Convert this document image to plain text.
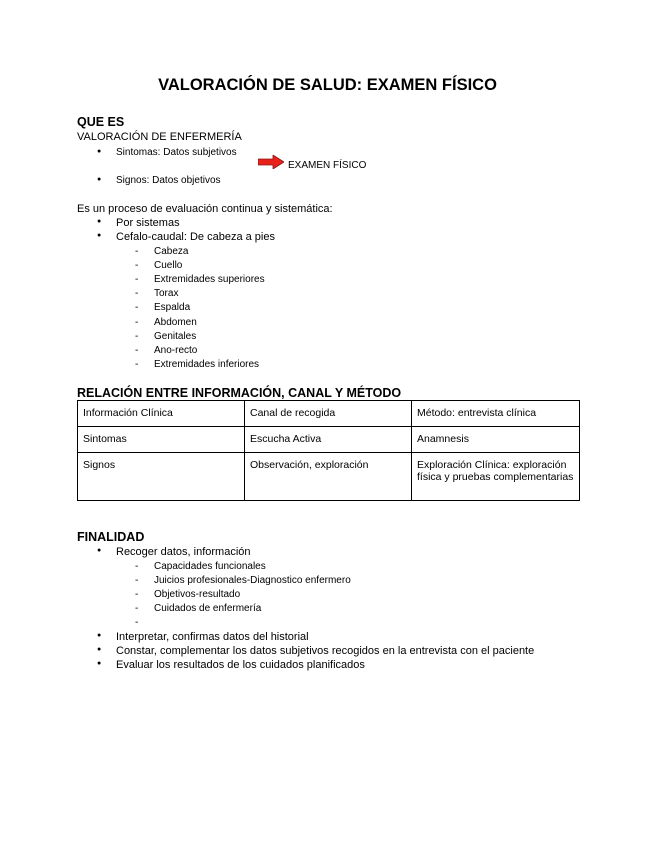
VALORACIÓN DE SALUD: EXAMEN FÍSICO
QUE ES
VALORACIÓN DE ENFERMERÍA
● Sintomas: Datos subjetivos
EXAMEN FÍSICO
● Signos: Datos objetivos
Es un proceso de evaluación continua y sistemática:
● Por sistemas
● Cefalo-caudal: De cabeza a pies
- Cabeza
- Cuello
- Extremidades superiores
- Torax
- Espalda
- Abdomen
- Genitales
- Ano-recto
- Extremidades inferiores
RELACIÓN ENTRE INFORMACIÓN, CANAL Y MÉTODO
Información Clínica	Canal de recogida	Método: entrevista clínica
Sintomas	Escucha Activa	Anamnesis
Signos	Observación, exploración	Exploración Clínica: exploración física y pruebas complementarias
FINALIDAD
● Recoger datos, información
- Capacidades funcionales
- Juicios profesionales-Diagnostico enfermero
- Objetivos-resultado
- Cuidados de enfermería
● Interpretar, confirmas datos del historial
● Constar, complementar los datos subjetivos recogidos en la entrevista con el paciente
● Evaluar los resultados de los cuidados planificados
